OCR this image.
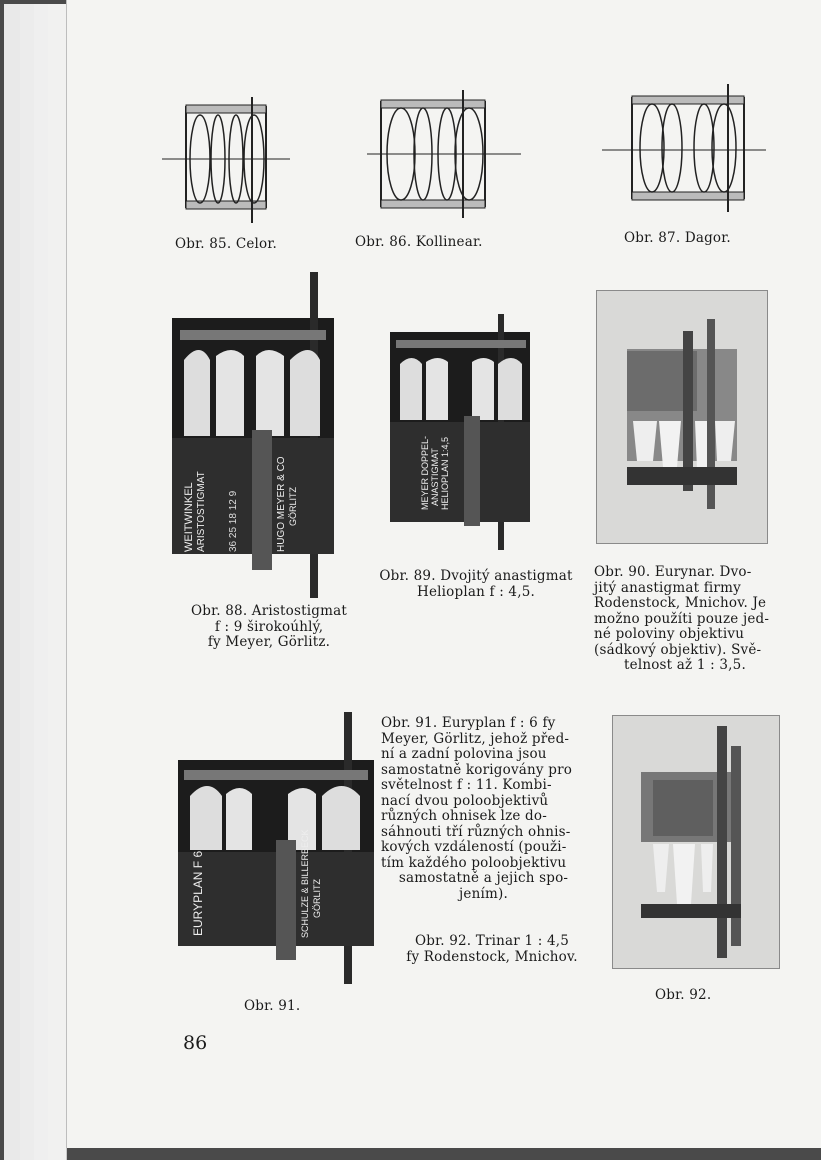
Obr. 85. Celor.	Obr. 86. Kollinear.	Obr. 87. Dagor.
WEITWINKEL ARISTOSTIGMAT 36 25 18 12 9	HUGO MEYER & CO GÖRLITZ
Obr. 88. Aristostigmat
f : 9 širokoúhlý,
fy Meyer, Görlitz.
MEYER DOPPEL- ANASTIGMAT HELIOPLAN 1:4,5
Obr. 89. Dvojitý anastigmat
Helioplan f : 4,5.
Obr. 90. Eurynar. Dvo-
jitý anastigmat firmy
Rodenstock, Mnichov. Je
možno použíti pouze jed-
né poloviny objektivu
(sádkový objektiv). Svě-
telnost až 1 : 3,5.
EURYPLAN F 6	SCHULZE & BILLERBECK GÖRLITZ
Obr. 91.
Obr. 91. Euryplan f : 6 fy
Meyer, Görlitz, jehož před-
ní a zadní polovina jsou
samostatně korigovány pro
světelnost f : 11. Kombi-
nací dvou poloobjektivů
různých ohnisek lze do-
sáhnouti tří různých ohnis-
kových vzdáleností (použi-
tím každého poloobjektivu
samostatně a jejich spo-
jením).
Obr. 92. Trinar 1 : 4,5
fy Rodenstock, Mnichov.
Obr. 92.
86
